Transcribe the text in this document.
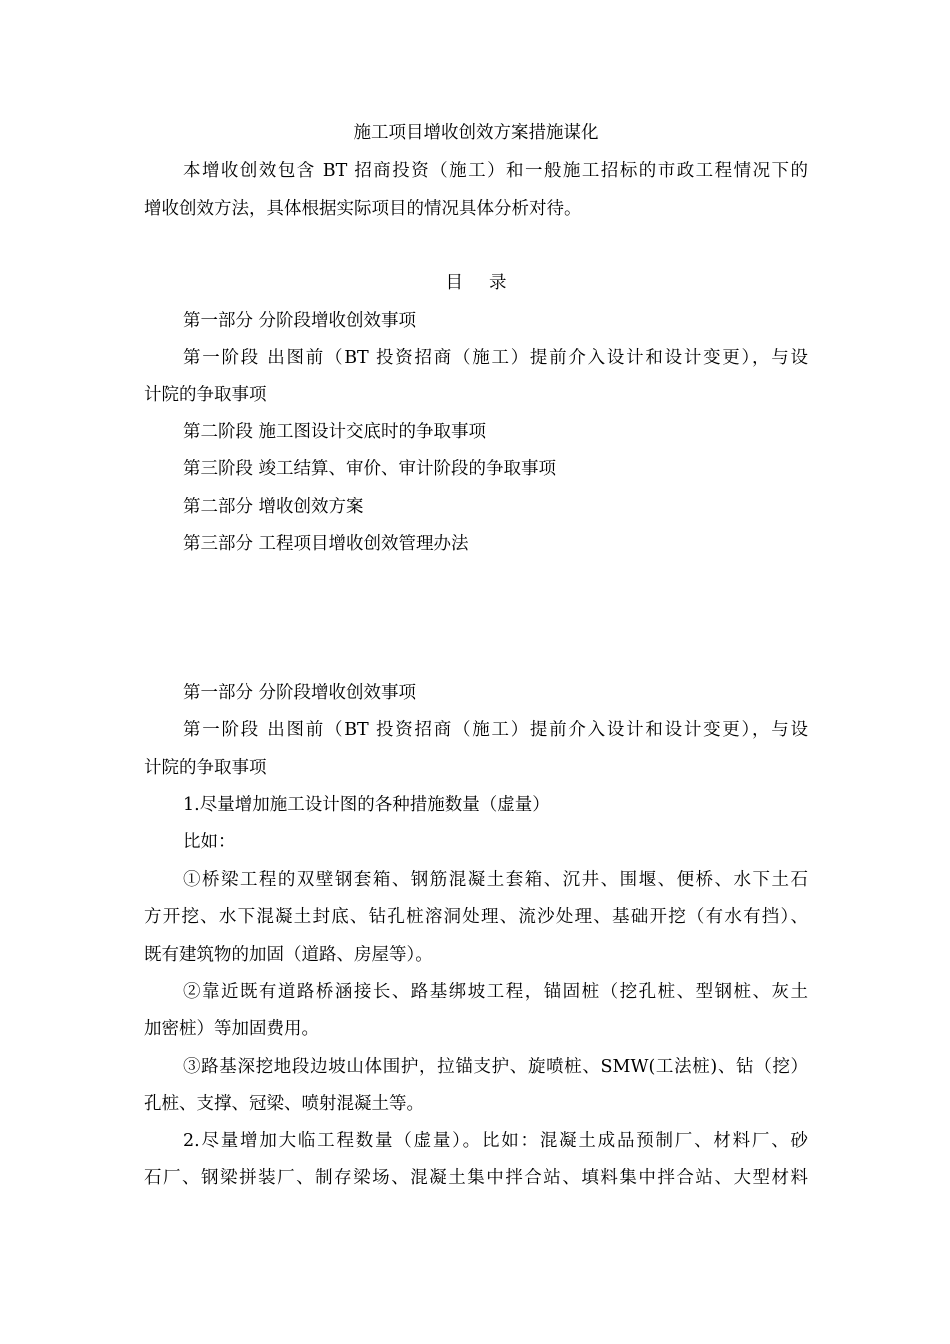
施工项目增收创效方案措施谋化
本增收创效包含 BT 招商投资（施工）和一般施工招标的市政工程情况下的
增收创效方法，具体根据实际项目的情况具体分析对待。
目 录
第一部分 分阶段增收创效事项
第一阶段 出图前（BT 投资招商（施工）提前介入设计和设计变更），与设
计院的争取事项
第二阶段 施工图设计交底时的争取事项
第三阶段 竣工结算、审价、审计阶段的争取事项
第二部分 增收创效方案
第三部分 工程项目增收创效管理办法
第一部分 分阶段增收创效事项
第一阶段 出图前（BT 投资招商（施工）提前介入设计和设计变更），与设
计院的争取事项
1.尽量增加施工设计图的各种措施数量（虚量）
比如：
①桥梁工程的双壁钢套箱、钢筋混凝土套箱、沉井、围堰、便桥、水下土石
方开挖、水下混凝土封底、钻孔桩溶洞处理、流沙处理、基础开挖（有水有挡）、
既有建筑物的加固（道路、房屋等）。
②靠近既有道路桥涵接长、路基绑坡工程，锚固桩（挖孔桩、型钢桩、灰土
加密桩）等加固费用。
③路基深挖地段边坡山体围护，拉锚支护、旋喷桩、SMW(工法桩)、钻（挖）
孔桩、支撑、冠梁、喷射混凝土等。
2.尽量增加大临工程数量（虚量）。比如：混凝土成品预制厂、材料厂、砂
石厂、钢梁拼装厂、制存梁场、混凝土集中拌合站、填料集中拌合站、大型材料
